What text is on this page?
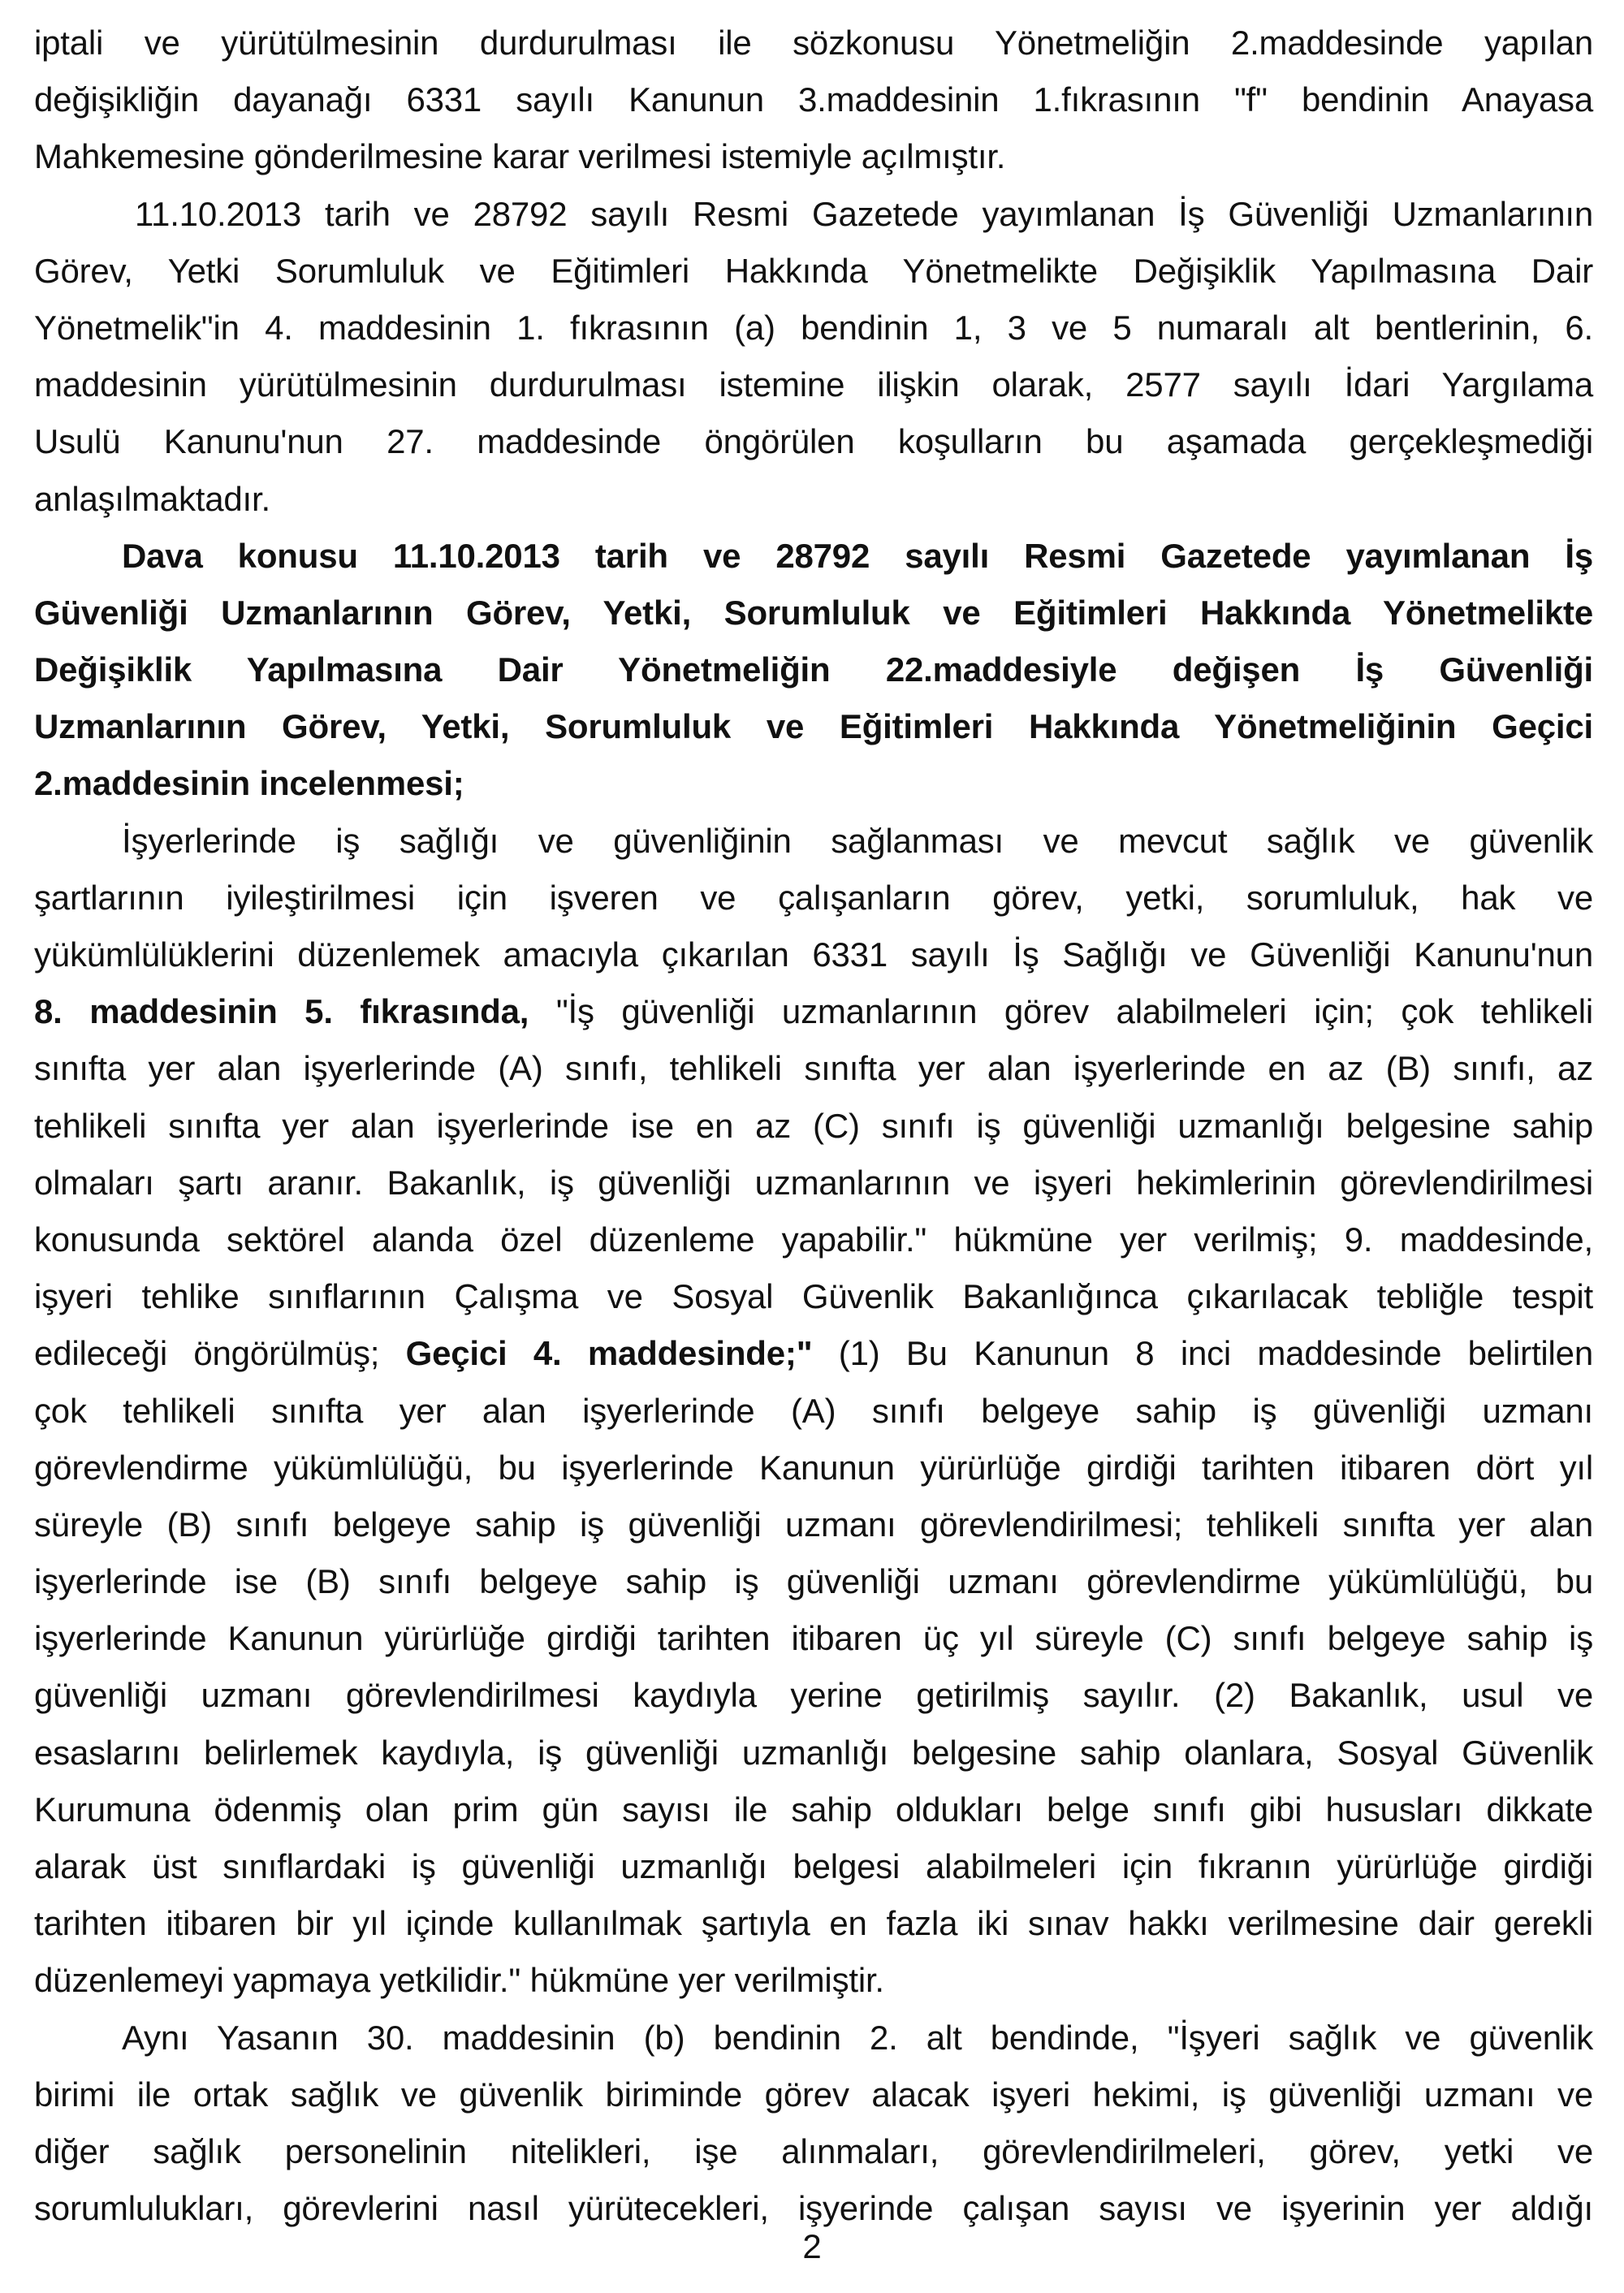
iptali ve yürütülmesinin durdurulması ile sözkonusu Yönetmeliğin 2.maddesinde yapılan
değişikliğin dayanağı 6331 sayılı Kanunun 3.maddesinin 1.fıkrasının "f" bendinin Anayasa
Mahkemesine gönderilmesine karar verilmesi istemiyle açılmıştır.
11.10.2013 tarih ve 28792 sayılı Resmi Gazetede yayımlanan İş Güvenliği Uzmanlarının
Görev, Yetki Sorumluluk ve Eğitimleri Hakkında Yönetmelikte Değişiklik Yapılmasına Dair
Yönetmelik"in 4. maddesinin 1. fıkrasının (a) bendinin 1, 3 ve 5 numaralı alt bentlerinin, 6.
maddesinin yürütülmesinin durdurulması istemine ilişkin olarak, 2577 sayılı İdari Yargılama
Usulü Kanunu'nun 27. maddesinde öngörülen koşulların bu aşamada gerçekleşmediği
anlaşılmaktadır.
Dava konusu 11.10.2013 tarih ve 28792 sayılı Resmi Gazetede yayımlanan İş
Güvenliği Uzmanlarının Görev, Yetki, Sorumluluk ve Eğitimleri Hakkında Yönetmelikte
Değişiklik Yapılmasına Dair Yönetmeliğin 22.maddesiyle değişen İş Güvenliği
Uzmanlarının Görev, Yetki, Sorumluluk ve Eğitimleri Hakkında Yönetmeliğinin Geçici
2.maddesinin incelenmesi;
İşyerlerinde iş sağlığı ve güvenliğinin sağlanması ve mevcut sağlık ve güvenlik
şartlarının iyileştirilmesi için işveren ve çalışanların görev, yetki, sorumluluk, hak ve
yükümlülüklerini düzenlemek amacıyla çıkarılan 6331 sayılı İş Sağlığı ve Güvenliği Kanunu'nun
8. maddesinin 5. fıkrasında, "İş güvenliği uzmanlarının görev alabilmeleri için; çok tehlikeli
sınıfta yer alan işyerlerinde (A) sınıfı, tehlikeli sınıfta yer alan işyerlerinde en az (B) sınıfı, az
tehlikeli sınıfta yer alan işyerlerinde ise en az (C) sınıfı iş güvenliği uzmanlığı belgesine sahip
olmaları şartı aranır. Bakanlık, iş güvenliği uzmanlarının ve işyeri hekimlerinin görevlendirilmesi
konusunda sektörel alanda özel düzenleme yapabilir." hükmüne yer verilmiş; 9. maddesinde,
işyeri tehlike sınıflarının Çalışma ve Sosyal Güvenlik Bakanlığınca çıkarılacak tebliğle tespit
edileceği öngörülmüş; Geçici 4. maddesinde;" (1) Bu Kanunun 8 inci maddesinde belirtilen
çok tehlikeli sınıfta yer alan işyerlerinde (A) sınıfı belgeye sahip iş güvenliği uzmanı
görevlendirme yükümlülüğü, bu işyerlerinde Kanunun yürürlüğe girdiği tarihten itibaren dört yıl
süreyle (B) sınıfı belgeye sahip iş güvenliği uzmanı görevlendirilmesi; tehlikeli sınıfta yer alan
işyerlerinde ise (B) sınıfı belgeye sahip iş güvenliği uzmanı görevlendirme yükümlülüğü, bu
işyerlerinde Kanunun yürürlüğe girdiği tarihten itibaren üç yıl süreyle (C) sınıfı belgeye sahip iş
güvenliği uzmanı görevlendirilmesi kaydıyla yerine getirilmiş sayılır. (2) Bakanlık, usul ve
esaslarını belirlemek kaydıyla, iş güvenliği uzmanlığı belgesine sahip olanlara, Sosyal Güvenlik
Kurumuna ödenmiş olan prim gün sayısı ile sahip oldukları belge sınıfı gibi hususları dikkate
alarak üst sınıflardaki iş güvenliği uzmanlığı belgesi alabilmeleri için fıkranın yürürlüğe girdiği
tarihten itibaren bir yıl içinde kullanılmak şartıyla en fazla iki sınav hakkı verilmesine dair gerekli
düzenlemeyi yapmaya yetkilidir." hükmüne yer verilmiştir.
Aynı Yasanın 30. maddesinin (b) bendinin 2. alt bendinde, "İşyeri sağlık ve güvenlik
birimi ile ortak sağlık ve güvenlik biriminde görev alacak işyeri hekimi, iş güvenliği uzmanı ve
diğer sağlık personelinin nitelikleri, işe alınmaları, görevlendirilmeleri, görev, yetki ve
sorumlulukları, görevlerini nasıl yürütecekleri, işyerinde çalışan sayısı ve işyerinin yer aldığı
2
